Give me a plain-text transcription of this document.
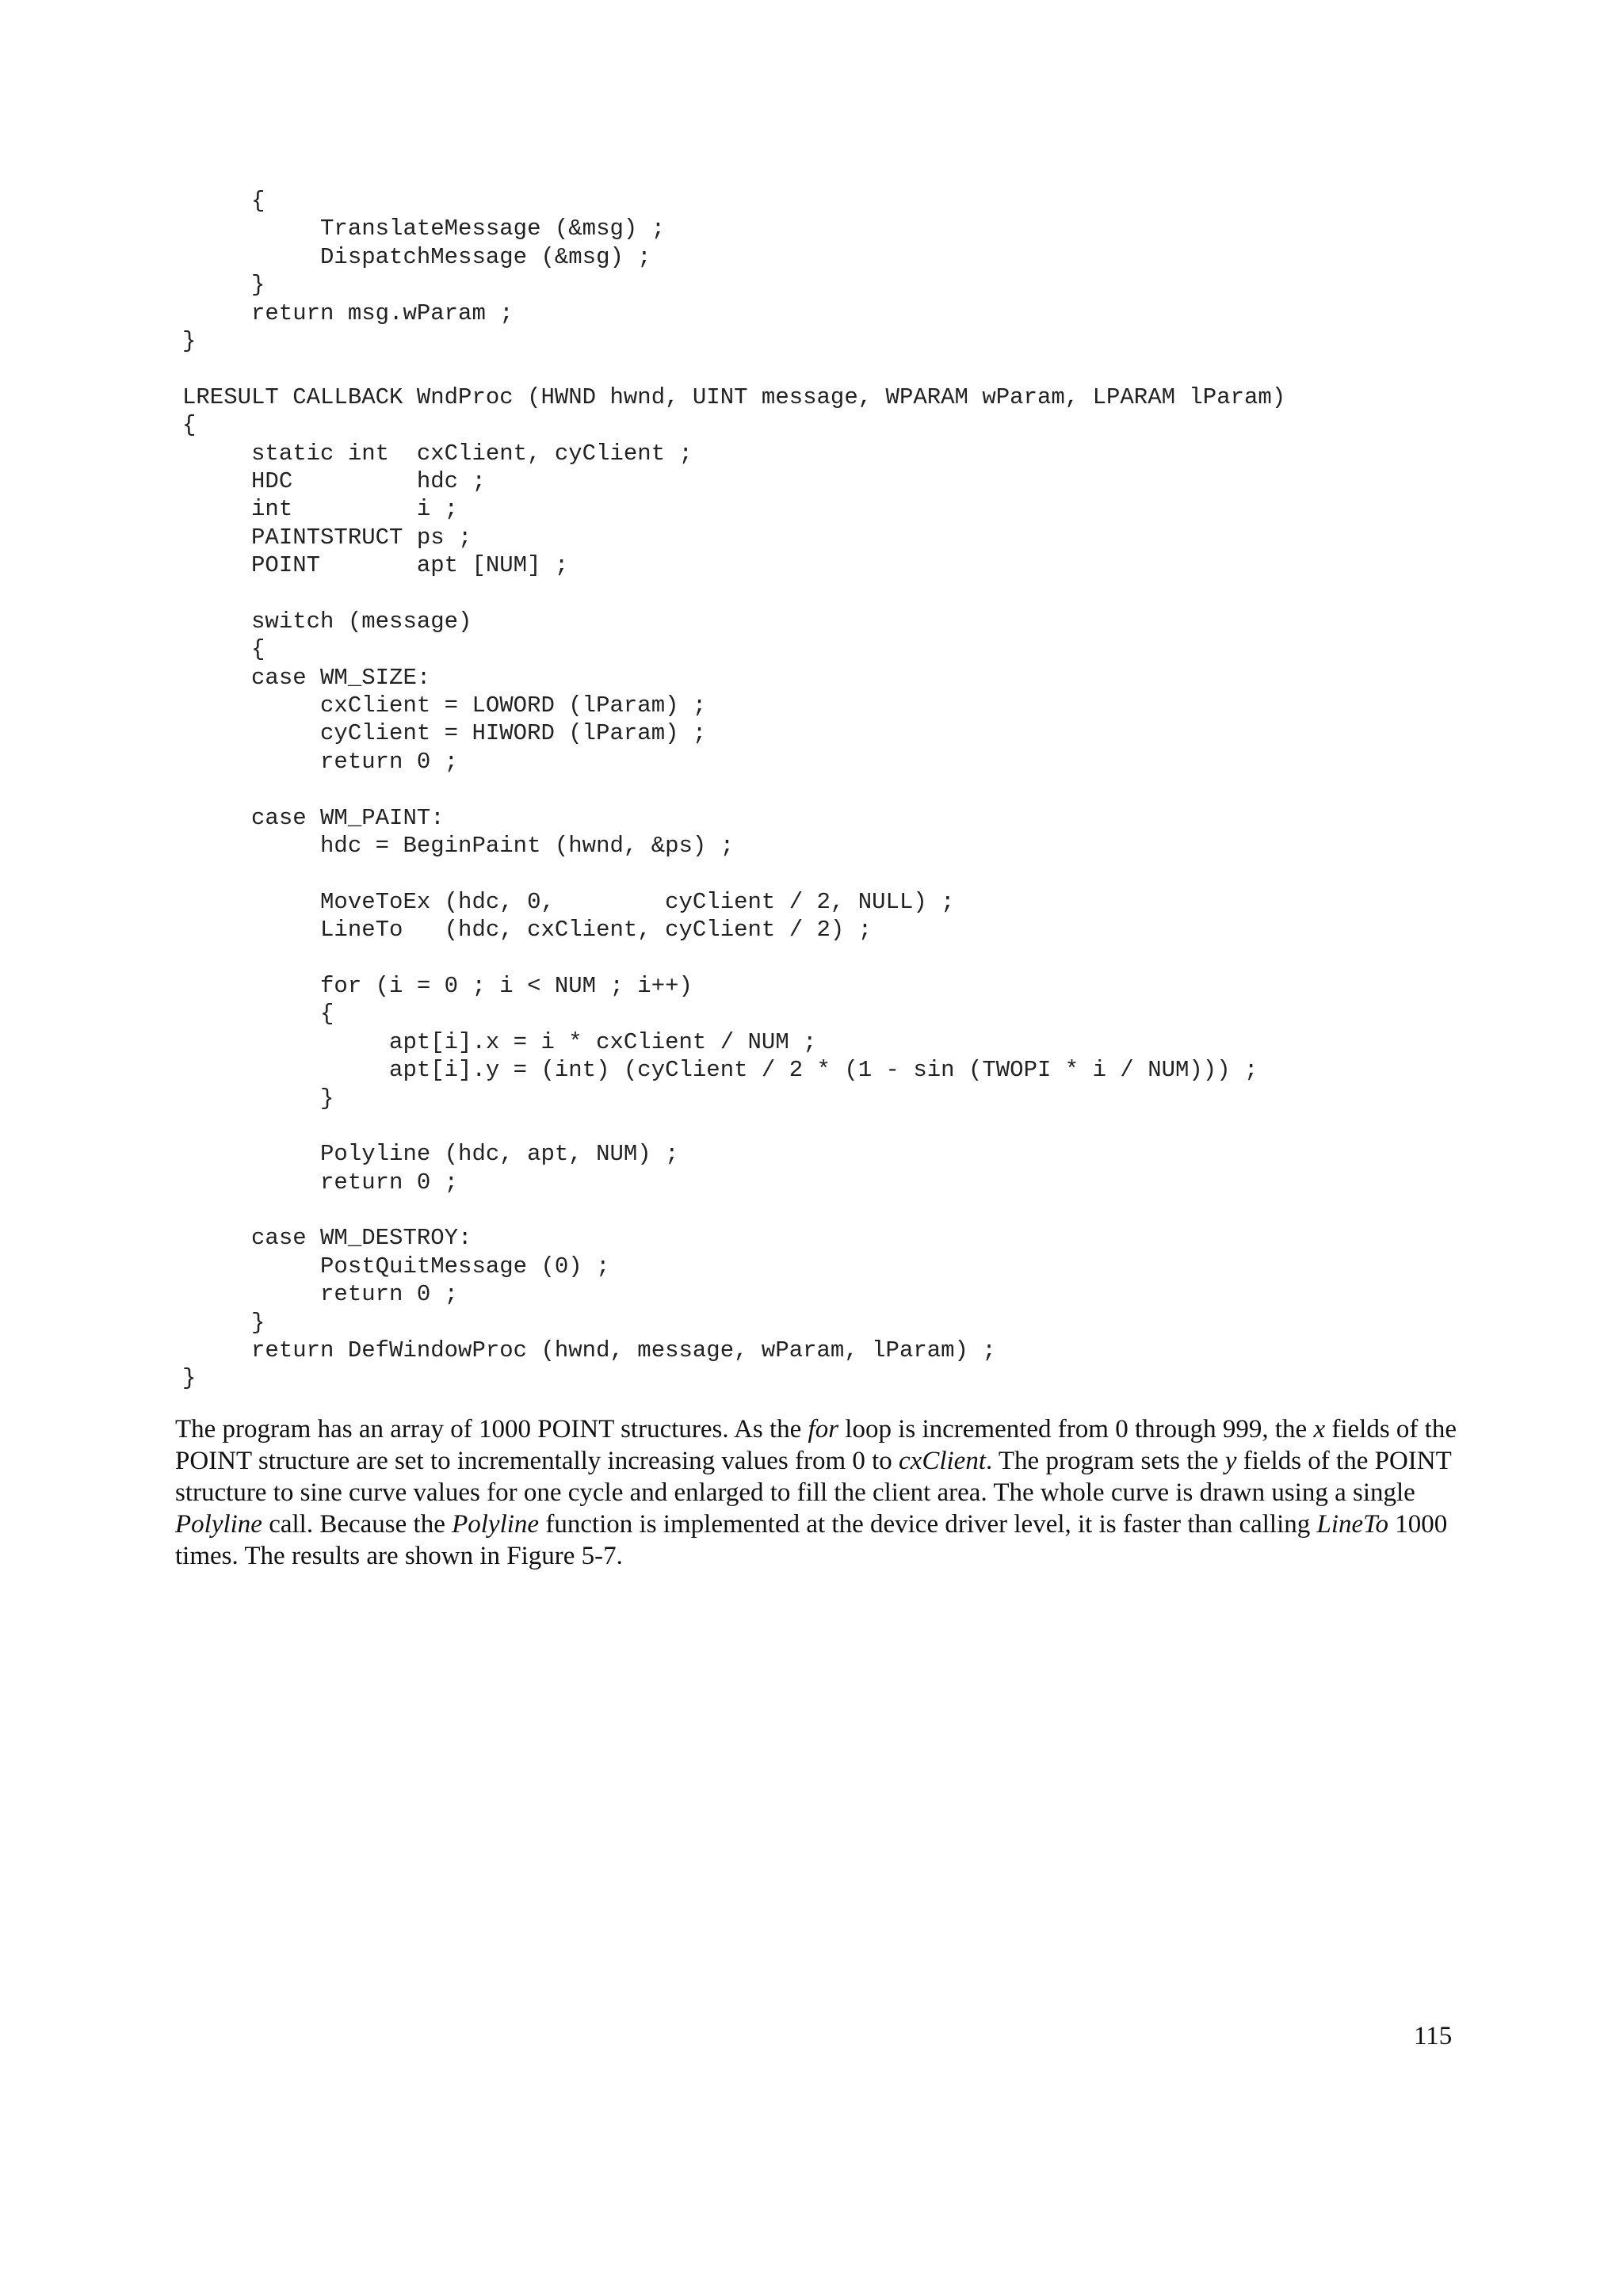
{
TranslateMessage (&msg) ;
DispatchMessage (&msg) ;
}
return msg.wParam ;
}
LRESULT CALLBACK WndProc (HWND hwnd, UINT message, WPARAM wParam, LPARAM lParam)
{
static int  cxClient, cyClient ;
HDC         hdc ;
int         i ;
PAINTSTRUCT ps ;
POINT       apt [NUM] ;
switch (message)
{
case WM_SIZE:
cxClient = LOWORD (lParam) ;
cyClient = HIWORD (lParam) ;
return 0 ;
case WM_PAINT:
hdc = BeginPaint (hwnd, &ps) ;
MoveToEx (hdc, 0,        cyClient / 2, NULL) ;
LineTo   (hdc, cxClient, cyClient / 2) ;
for (i = 0 ; i < NUM ; i++)
{
apt[i].x = i * cxClient / NUM ;
apt[i].y = (int) (cyClient / 2 * (1 - sin (TWOPI * i / NUM))) ;
}
Polyline (hdc, apt, NUM) ;
return 0 ;
case WM_DESTROY:
PostQuitMessage (0) ;
return 0 ;
}
return DefWindowProc (hwnd, message, wParam, lParam) ;
}

The program has an array of 1000 POINT structures. As the for loop is incremented from 0 through 999, the x fields of the POINT structure are set to incrementally increasing values from 0 to cxClient. The program sets the y fields of the POINT structure to sine curve values for one cycle and enlarged to fill the client area. The whole curve is drawn using a single Polyline call. Because the Polyline function is implemented at the device driver level, it is faster than calling LineTo 1000 times. The results are shown in Figure 5-7.

115
